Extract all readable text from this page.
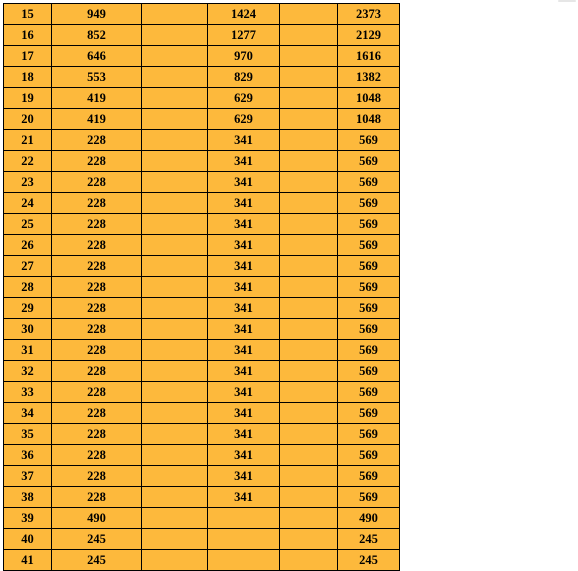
15	949		1424		2373
16	852		1277		2129
17	646		970		1616
18	553		829		1382
19	419		629		1048
20	419		629		1048
21	228		341		569
22	228		341		569
23	228		341		569
24	228		341		569
25	228		341		569
26	228		341		569
27	228		341		569
28	228		341		569
29	228		341		569
30	228		341		569
31	228		341		569
32	228		341		569
33	228		341		569
34	228		341		569
35	228		341		569
36	228		341		569
37	228		341		569
38	228		341		569
39	490				490
40	245				245
41	245				245
